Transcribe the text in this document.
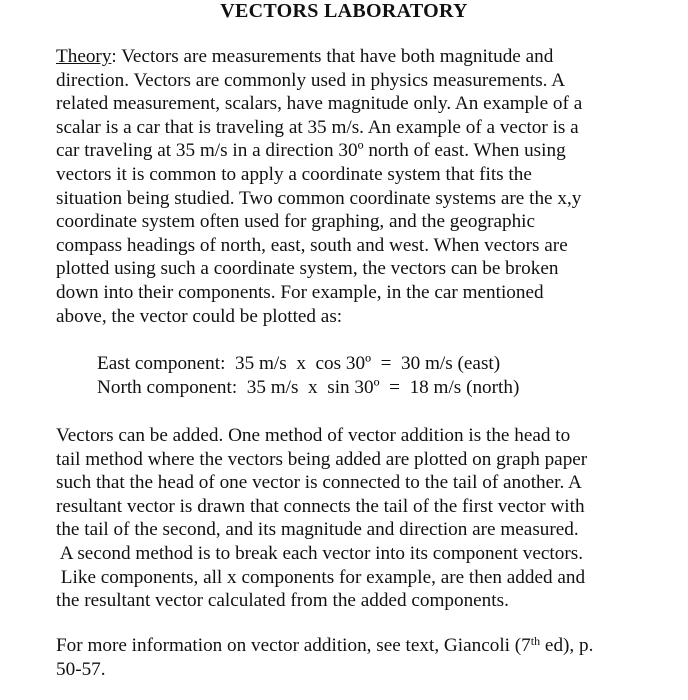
VECTORS LABORATORY
Theory: Vectors are measurements that have both magnitude and
direction. Vectors are commonly used in physics measurements. A
related measurement, scalars, have magnitude only. An example of a
scalar is a car that is traveling at 35 m/s. An example of a vector is a
car traveling at 35 m/s in a direction 30º north of east. When using
vectors it is common to apply a coordinate system that fits the
situation being studied. Two common coordinate systems are the x,y
coordinate system often used for graphing, and the geographic
compass headings of north, east, south and west. When vectors are
plotted using such a coordinate system, the vectors can be broken
down into their components. For example, in the car mentioned
above, the vector could be plotted as:
East component:  35 m/s  x  cos 30º  =  30 m/s (east)
North component:  35 m/s  x  sin 30º  =  18 m/s (north)
Vectors can be added. One method of vector addition is the head to
tail method where the vectors being added are plotted on graph paper
such that the head of one vector is connected to the tail of another. A
resultant vector is drawn that connects the tail of the first vector with
the tail of the second, and its magnitude and direction are measured.
A second method is to break each vector into its component vectors.
Like components, all x components for example, are then added and
the resultant vector calculated from the added components.
For more information on vector addition, see text, Giancoli (7th ed), p.
50-57.
